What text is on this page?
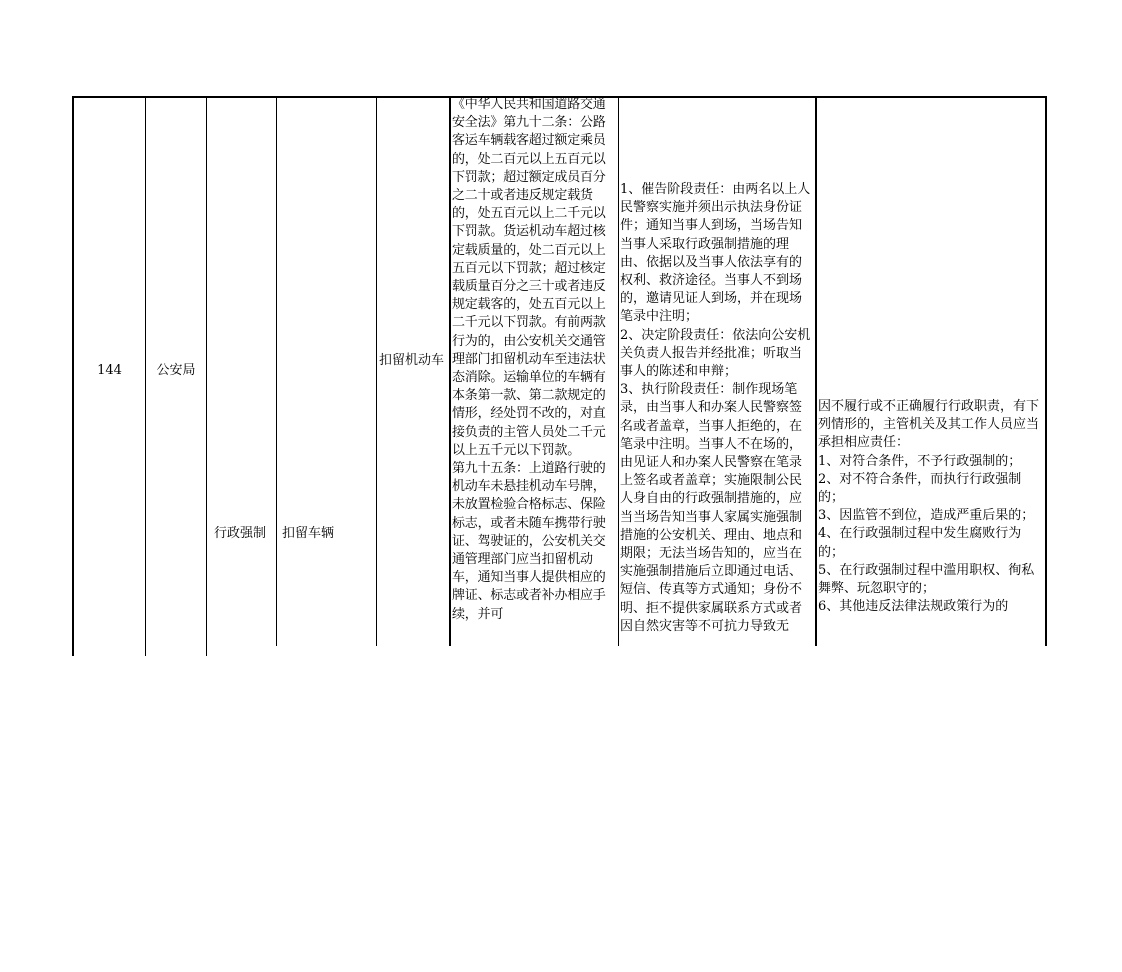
144	公安局
行政强制 扣留车辆
扣留机动车
《中华人民共和国道路交通安全法》第九十二条：公路客运车辆载客超过额定乘员的，处二百元以上五百元以下罚款；超过额定成员百分之二十或者违反规定载货的，处五百元以上二千元以下罚款。货运机动车超过核定载质量的，处二百元以上五百元以下罚款；超过核定载质量百分之三十或者违反规定载客的，处五百元以上二千元以下罚款。有前两款行为的，由公安机关交通管理部门扣留机动车至违法状态消除。运输单位的车辆有本条第一款、第二款规定的情形，经处罚不改的，对直接负责的主管人员处二千元以上五千元以下罚款。
第九十五条：上道路行驶的机动车未悬挂机动车号牌，未放置检验合格标志、保险标志，或者未随车携带行驶证、驾驶证的，公安机关交通管理部门应当扣留机动车，通知当事人提供相应的牌证、标志或者补办相应手续，并可
1、催告阶段责任：由两名以上人民警察实施并须出示执法身份证件；通知当事人到场，当场告知当事人采取行政强制措施的理由、依据以及当事人依法享有的权利、救济途径。当事人不到场的，邀请见证人到场，并在现场笔录中注明；
2、决定阶段责任：依法向公安机关负责人报告并经批准；听取当事人的陈述和申辩；
3、执行阶段责任：制作现场笔录，由当事人和办案人民警察签名或者盖章，当事人拒绝的，在笔录中注明。当事人不在场的，由见证人和办案人民警察在笔录上签名或者盖章；实施限制公民人身自由的行政强制措施的，应当当场告知当事人家属实施强制措施的公安机关、理由、地点和期限；无法当场告知的，应当在实施强制措施后立即通过电话、短信、传真等方式通知；身份不明、拒不提供家属联系方式或者因自然灾害等不可抗力导致无
因不履行或不正确履行行政职责，有下列情形的，主管机关及其工作人员应当承担相应责任：
1、对符合条件，不予行政强制的；
2、对不符合条件，而执行行政强制的；
3、因监管不到位，造成严重后果的；
4、在行政强制过程中发生腐败行为的；
5、在行政强制过程中滥用职权、徇私舞弊、玩忽职守的；
6、其他违反法律法规政策行为的
